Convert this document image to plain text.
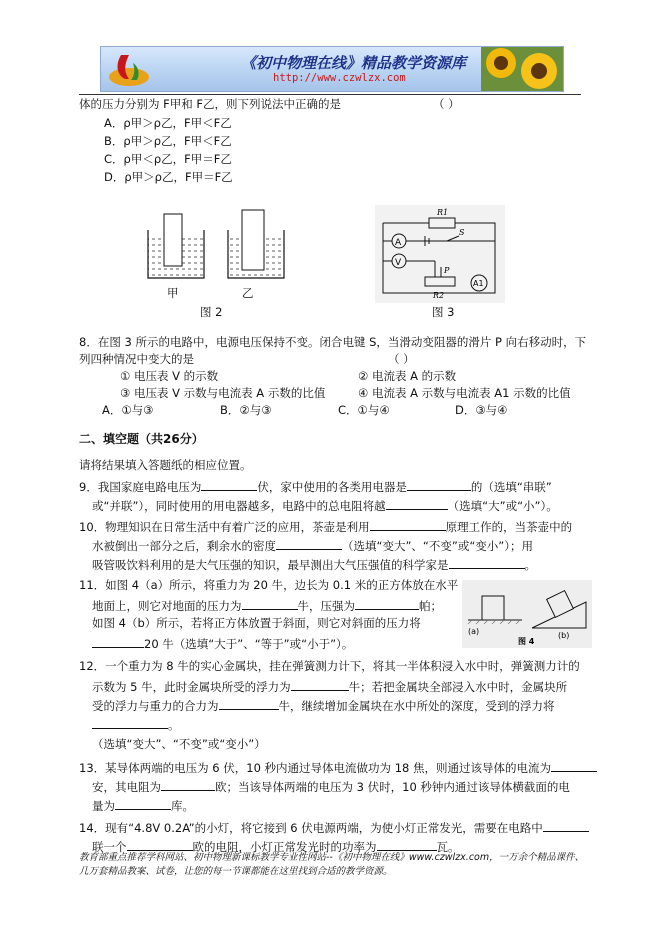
《初中物理在线》精品教学资源库
http://www.czwlzx.com
体的压力分别为 F甲和 F乙，则下列说法中正确的是	（ ）
A．ρ甲＞ρ乙，F甲＜F乙
B．ρ甲＞ρ乙，F甲＜F乙
C．ρ甲＜ρ乙，F甲＝F乙
D．ρ甲＞ρ乙，F甲＝F乙
甲	乙
图 2
A
V
A1
R1
R2
S
P
图 3
8．在图 3 所示的电路中，电源电压保持不变。闭合电键 S，当滑动变阻器的滑片 P 向右移动时，下
列四种情况中变大的是	（ ）
① 电压表 V 的示数	② 电流表 A 的示数
③ 电压表 V 示数与电流表 A 示数的比值	④ 电流表 A 示数与电流表 A1 示数的比值
A．①与③	B．②与③	C．①与④	D．③与④
二、填空题（共26分）
请将结果填入答题纸的相应位置。
9．我国家庭电路电压为	伏，家中使用的各类用电器是	的（选填“串联”
或“并联”），同时使用的用电器越多，电路中的总电阻将越	（选填“大”或“小”）。
10．物理知识在日常生活中有着广泛的应用，茶壶是利用	原理工作的，当茶壶中的
水被倒出一部分之后，剩余水的密度	（选填“变大”、“不变”或“变小”）；用
吸管吸饮料利用的是大气压强的知识，最早测出大气压强值的科学家是	。
11．如图 4（a）所示，将重力为 20 牛，边长为 0.1 米的正方体放在水平
地面上，则它对地面的压力为	牛，压强为	帕；
如图 4（b）所示，若将正方体放置于斜面，则它对斜面的压力将
20 牛（选填“大于”、“等于”或“小于”）。
(a)	(b)
图 4
12．一个重力为 8 牛的实心金属块，挂在弹簧测力计下，将其一半体积浸入水中时，弹簧测力计的
示数为 5 牛，此时金属块所受的浮力为	牛；若把金属块全部浸入水中时，金属块所
受的浮力与重力的合力为	牛，继续增加金属块在水中所处的深度，受到的浮力将
。
（选填“变大”、“不变”或“变小”）
13．某导体两端的电压为 6 伏，10 秒内通过导体电流做功为 18 焦，则通过该导体的电流为
安，其电阻为	欧；当该导体两端的电压为 3 伏时，10 秒钟内通过该导体横截面的电
量为	库。
14．现有“4.8V 0.2A”的小灯，将它接到 6 伏电源两端，为使小灯正常发光，需要在电路中
联一个	欧的电阻，小灯正常发光时的功率为	瓦。
教育部重点推荐学科网站、初中物理新课标教学专业性网站--《初中物理在线》www.czwlzx.com，一万余个精品课件、几万套精品教案、试卷，让您的每一节课都能在这里找到合适的教学资源。
